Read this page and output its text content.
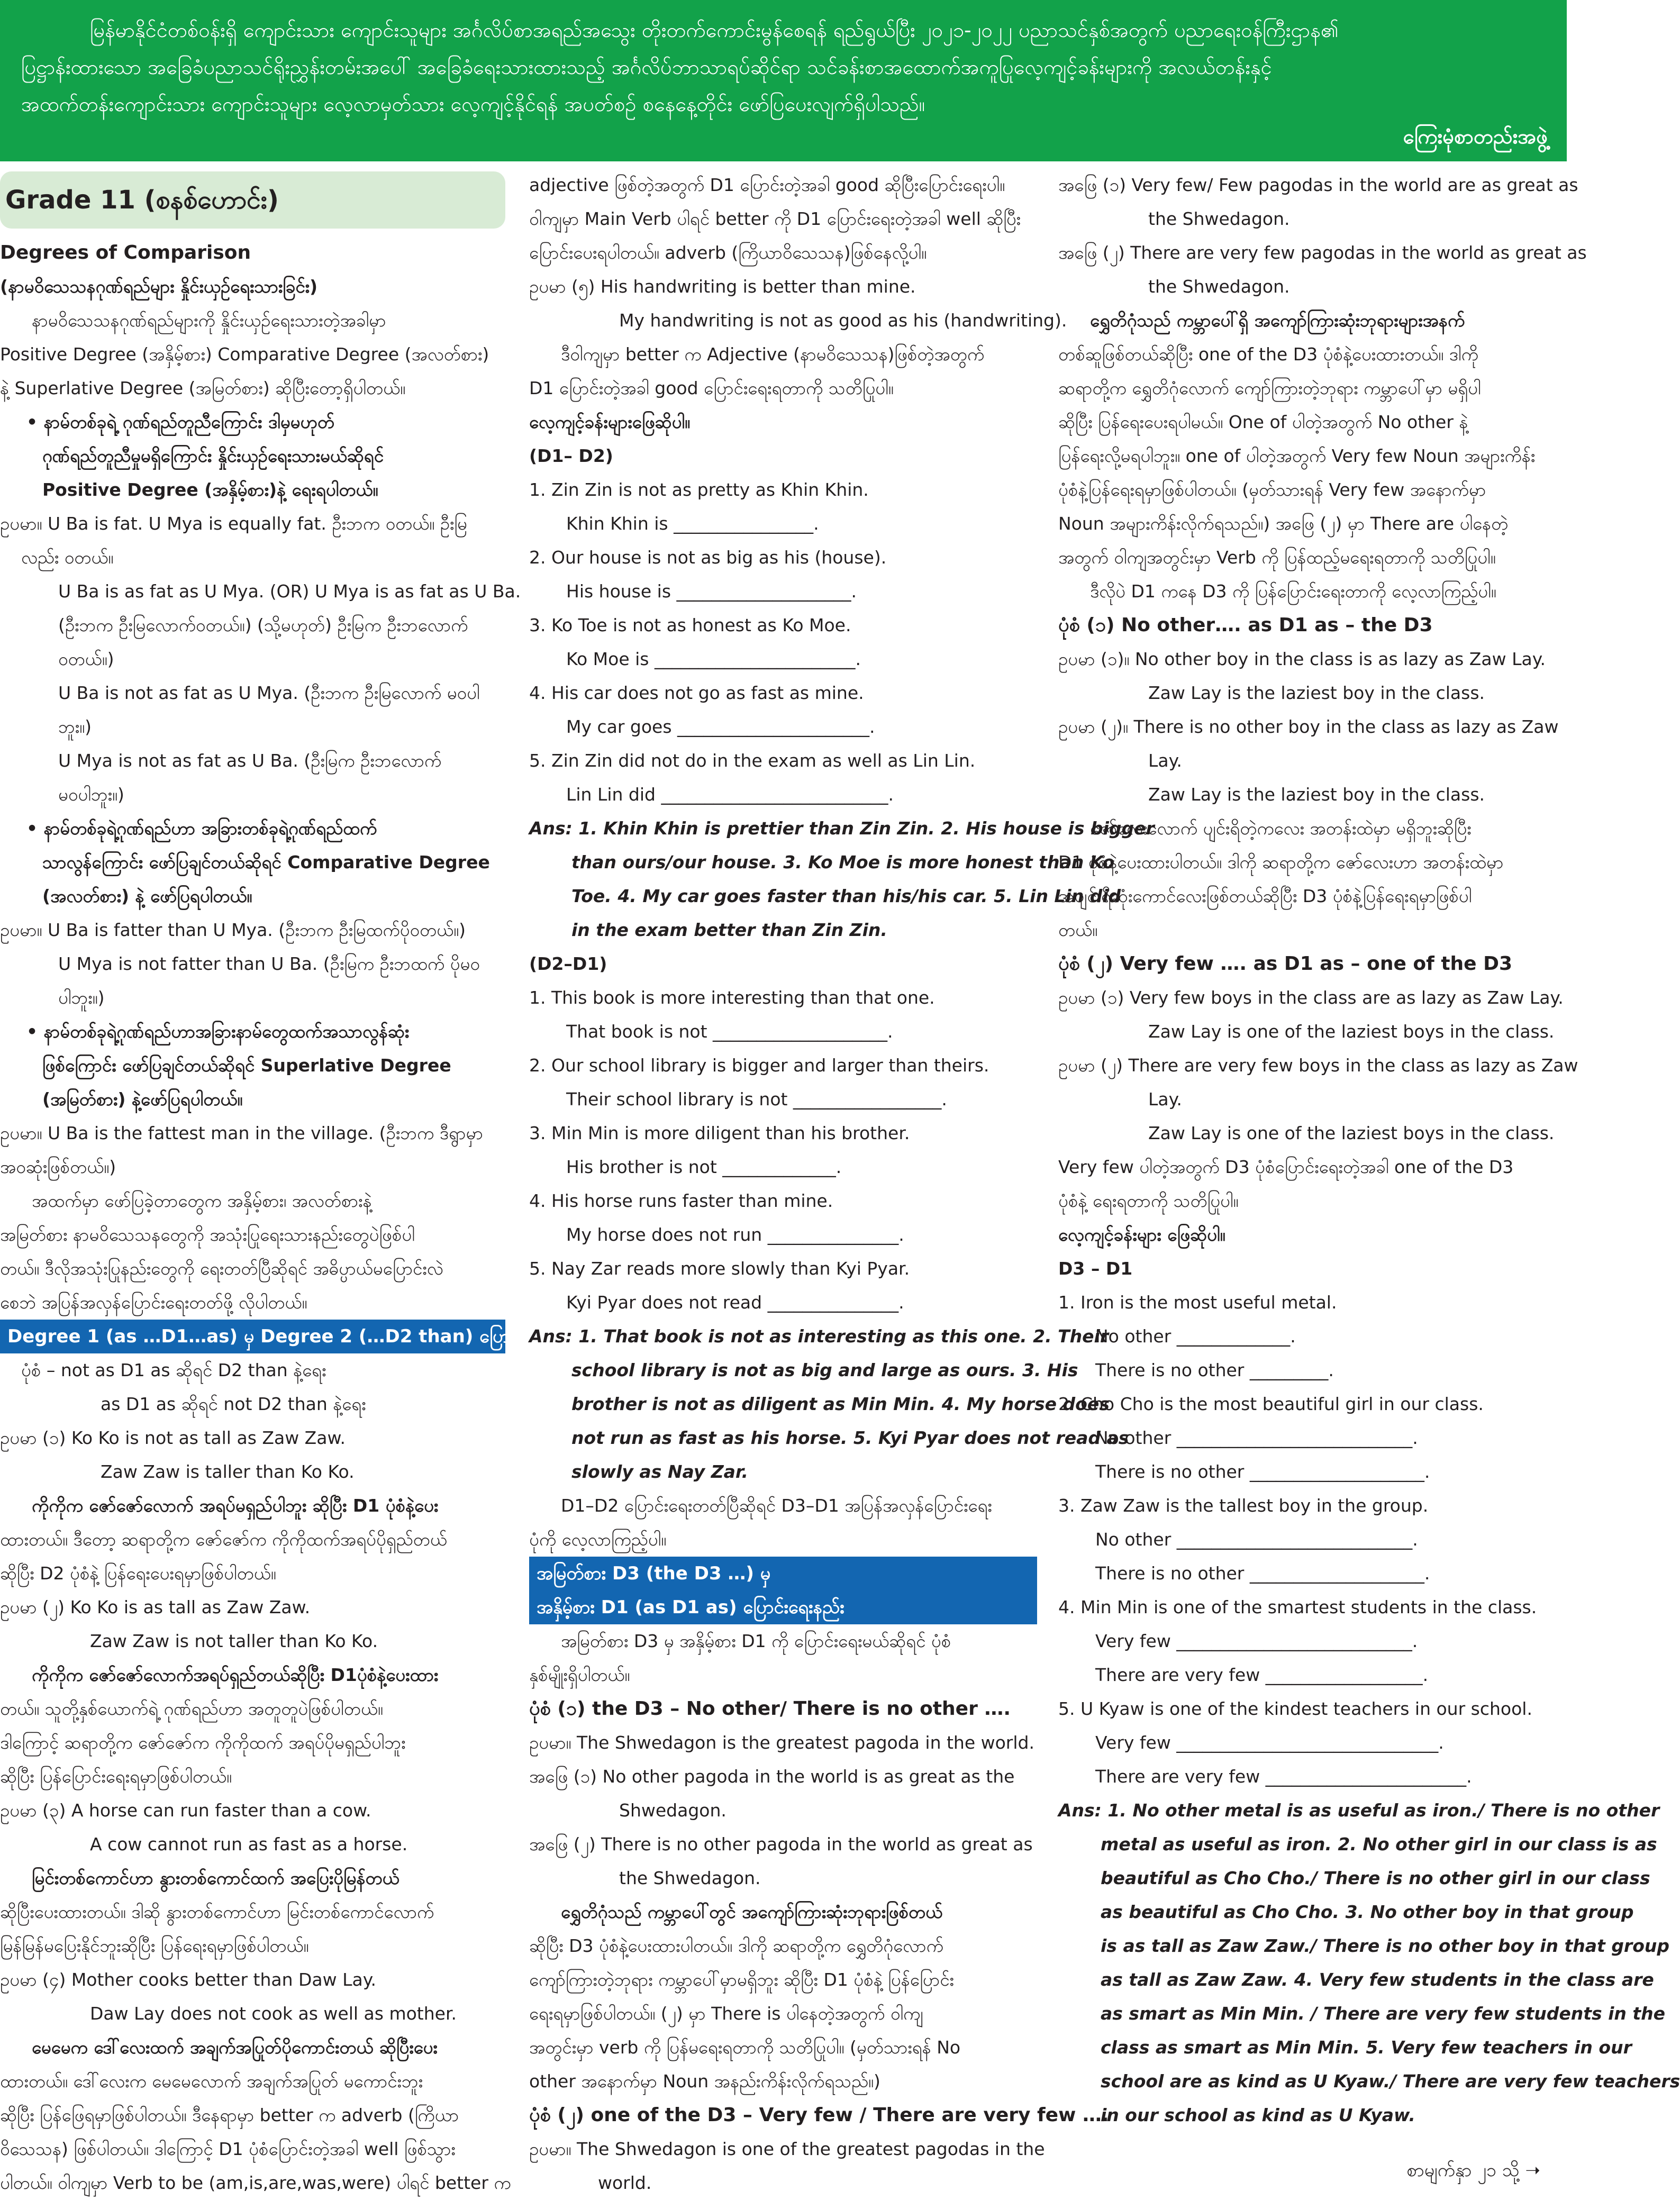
မြန်မာနိုင်ငံတစ်ဝန်းရှိ ကျောင်းသား ကျောင်းသူများ အင်္ဂလိပ်စာအရည်အသွေး တိုးတက်ကောင်းမွန်စေရန် ရည်ရွယ်ပြီး ၂၀၂၁-၂၀၂၂ ပညာသင်နှစ်အတွက် ပညာရေးဝန်ကြီးဌာန၏
ပြဋ္ဌာန်းထားသော အခြေခံပညာသင်ရိုးညွှန်းတမ်းအပေါ် အခြေခံရေးသားထားသည့် အင်္ဂလိပ်ဘာသာရပ်ဆိုင်ရာ သင်ခန်းစာအထောက်အကူပြုလေ့ကျင့်ခန်းများကို အလယ်တန်းနှင့်
အထက်တန်းကျောင်းသား ကျောင်းသူများ လေ့လာမှတ်သား လေ့ကျင့်နိုင်ရန် အပတ်စဉ် စနေနေ့တိုင်း ဖော်ပြပေးလျက်ရှိပါသည်။
ကြေးမုံစာတည်းအဖွဲ့
Grade 11 (စနစ်ဟောင်း)
Degrees of Comparison
(နာမဝိသေသနဂုဏ်ရည်များ နှိုင်းယှဉ်ရေးသားခြင်း)
နာမဝိသေသနဂုဏ်ရည်များကို နှိုင်းယှဉ်ရေးသားတဲ့အခါမှာ
Positive Degree (အနှိမ့်စား) Comparative Degree (အလတ်စား)
နဲ့ Superlative Degree (အမြတ်စား) ဆိုပြီးတော့ရှိပါတယ်။
• နာမ်တစ်ခုရဲ့ ဂုဏ်ရည်တူညီကြောင်း ဒါမှမဟုတ်
ဂုဏ်ရည်တူညီမှုမရှိကြောင်း နှိုင်းယှဉ်ရေးသားမယ်ဆိုရင်
Positive Degree (အနှိမ့်စား)နဲ့ ရေးရပါတယ်။
ဥပမာ။ U Ba is fat. U Mya is equally fat. ဦးဘက ဝတယ်။ ဦးမြ
လည်း ဝတယ်။
U Ba is as fat as U Mya. (OR) U Mya is as fat as U Ba.
(ဦးဘက ဦးမြလောက်ဝတယ်။) (သို့မဟုတ်) ဦးမြက ဦးဘလောက်
ဝတယ်။)
U Ba is not as fat as U Mya. (ဦးဘက ဦးမြလောက် မဝပါ
ဘူး။)
U Mya is not as fat as U Ba. (ဦးမြက ဦးဘလောက်
မဝပါဘူး။)
• နာမ်တစ်ခုရဲ့ဂုဏ်ရည်ဟာ အခြားတစ်ခုရဲ့ဂုဏ်ရည်ထက်
သာလွန်ကြောင်း ဖော်ပြချင်တယ်ဆိုရင် Comparative Degree
(အလတ်စား) နဲ့ ဖော်ပြရပါတယ်။
ဥပမာ။ U Ba is fatter than U Mya. (ဦးဘက ဦးမြထက်ပိုဝတယ်။)
U Mya is not fatter than U Ba. (ဦးမြက ဦးဘထက် ပိုမဝ
ပါဘူး။)
• နာမ်တစ်ခုရဲ့ဂုဏ်ရည်ဟာအခြားနာမ်တွေထက်အသာလွန်ဆုံး
ဖြစ်ကြောင်း ဖော်ပြချင်တယ်ဆိုရင် Superlative Degree
(အမြတ်စား) နဲ့ဖော်ပြရပါတယ်။
ဥပမာ။ U Ba is the fattest man in the village. (ဦးဘက ဒီရွာမှာ
အဝဆုံးဖြစ်တယ်။)
အထက်မှာ ဖော်ပြခဲ့တာတွေက အနှိမ့်စား၊ အလတ်စားနဲ့
အမြတ်စား နာမဝိသေသနတွေကို အသုံးပြုရေးသားနည်းတွေပဲဖြစ်ပါ
တယ်။ ဒီလိုအသုံးပြုနည်းတွေကို ရေးတတ်ပြီဆိုရင် အဓိပ္ပာယ်မပြောင်းလဲ
စေဘဲ အပြန်အလှန်ပြောင်းရေးတတ်ဖို့ လိုပါတယ်။
Degree 1 (as …D1…as) မှ Degree 2 (…D2 than) ပြောင်းရေးနည်း
ပုံစံ – not as D1 as ဆိုရင် D2 than နဲ့ရေး
as D1 as ဆိုရင် not D2 than နဲ့ရေး
ဥပမာ (၁) Ko Ko is not as tall as Zaw Zaw.
Zaw Zaw is taller than Ko Ko.
ကိုကိုက ဇော်ဇော်လောက် အရပ်မရှည်ပါဘူး ဆိုပြီး D1 ပုံစံနဲ့ပေး
ထားတယ်။ ဒီတော့ ဆရာတို့က ဇော်ဇော်က ကိုကိုထက်အရပ်ပိုရှည်တယ်
ဆိုပြီး D2 ပုံစံနဲ့ ပြန်ရေးပေးရမှာဖြစ်ပါတယ်။
ဥပမာ (၂) Ko Ko is as tall as Zaw Zaw.
Zaw Zaw is not taller than Ko Ko.
ကိုကိုက ဇော်ဇော်လောက်အရပ်ရှည်တယ်ဆိုပြီး D1ပုံစံနဲ့ပေးထား
တယ်။ သူတို့နှစ်ယောက်ရဲ့ ဂုဏ်ရည်ဟာ အတူတူပဲဖြစ်ပါတယ်။
ဒါကြောင့် ဆရာတို့က ဇော်ဇော်က ကိုကိုထက် အရပ်ပိုမရှည်ပါဘူး
ဆိုပြီး ပြန်ပြောင်းရေးရမှာဖြစ်ပါတယ်။
ဥပမာ (၃) A horse can run faster than a cow.
A cow cannot run as fast as a horse.
မြင်းတစ်ကောင်ဟာ နွားတစ်ကောင်ထက် အပြေးပိုမြန်တယ်
ဆိုပြီးပေးထားတယ်။ ဒါဆို နွားတစ်ကောင်ဟာ မြင်းတစ်ကောင်လောက်
မြန်မြန်မပြေးနိုင်ဘူးဆိုပြီး ပြန်ရေးရမှာဖြစ်ပါတယ်။
ဥပမာ (၄) Mother cooks better than Daw Lay.
Daw Lay does not cook as well as mother.
မေမေက ဒေါ်လေးထက် အချက်အပြုတ်ပိုကောင်းတယ် ဆိုပြီးပေး
ထားတယ်။ ဒေါ်လေးက မေမေလောက် အချက်အပြုတ် မကောင်းဘူး
ဆိုပြီး ပြန်ဖြေရမှာဖြစ်ပါတယ်။ ဒီနေရာမှာ better က adverb (ကြိယာ
ဝိသေသန) ဖြစ်ပါတယ်။ ဒါကြောင့် D1 ပုံစံပြောင်းတဲ့အခါ well ဖြစ်သွား
ပါတယ်။ ဝါကျမှာ Verb to be (am,is,are,was,were) ပါရင် better က
adjective ဖြစ်တဲ့အတွက် D1 ပြောင်းတဲ့အခါ good ဆိုပြီးပြောင်းရေးပါ။
ဝါကျမှာ Main Verb ပါရင် better ကို D1 ပြောင်းရေးတဲ့အခါ well ဆိုပြီး
ပြောင်းပေးရပါတယ်။ adverb (ကြိယာဝိသေသန)ဖြစ်နေလို့ပါ။
ဥပမာ (၅) His handwriting is better than mine.
My handwriting is not as good as his (handwriting).
ဒီဝါကျမှာ better က Adjective (နာမဝိသေသန)ဖြစ်တဲ့အတွက်
D1 ပြောင်းတဲ့အခါ good ပြောင်းရေးရတာကို သတိပြုပါ။
လေ့ကျင့်ခန်းများဖြေဆိုပါ။
(D1– D2)
1. Zin Zin is not as pretty as Khin Khin.
Khin Khin is ________________.
2. Our house is not as big as his (house).
His house is ____________________.
3. Ko Toe is not as honest as Ko Moe.
Ko Moe is _______________________.
4. His car does not go as fast as mine.
My car goes ______________________.
5. Zin Zin did not do in the exam as well as Lin Lin.
Lin Lin did __________________________.
Ans: 1. Khin Khin is prettier than Zin Zin. 2. His house is bigger
than ours/our house. 3. Ko Moe is more honest than Ko
Toe. 4. My car goes faster than his/his car. 5. Lin Lin did
in the exam better than Zin Zin.
(D2–D1)
1. This book is more interesting than that one.
That book is not ____________________.
2. Our school library is bigger and larger than theirs.
Their school library is not _________________.
3. Min Min is more diligent than his brother.
His brother is not _____________.
4. His horse runs faster than mine.
My horse does not run _______________.
5. Nay Zar reads more slowly than Kyi Pyar.
Kyi Pyar does not read _______________.
Ans: 1. That book is not as interesting as this one. 2. Their
school library is not as big and large as ours. 3. His
brother is not as diligent as Min Min. 4. My horse does
not run as fast as his horse. 5. Kyi Pyar does not read as
slowly as Nay Zar.
D1–D2 ပြောင်းရေးတတ်ပြီဆိုရင် D3–D1 အပြန်အလှန်ပြောင်းရေး
ပုံကို လေ့လာကြည့်ပါ။
အမြတ်စား D3 (the D3 …) မှ
အနှိမ့်စား D1 (as D1 as) ပြောင်းရေးနည်း
အမြတ်စား D3 မှ အနှိမ့်စား D1 ကို ပြောင်းရေးမယ်ဆိုရင် ပုံစံ
နှစ်မျိုးရှိပါတယ်။
ပုံစံ (၁) the D3 – No other/ There is no other ….
ဥပမာ။ The Shwedagon is the greatest pagoda in the world.
အဖြေ (၁) No other pagoda in the world is as great as the
Shwedagon.
အဖြေ (၂) There is no other pagoda in the world as great as
the Shwedagon.
ရွှေတိဂုံသည် ကမ္ဘာပေါ်တွင် အကျော်ကြားဆုံးဘုရားဖြစ်တယ်
ဆိုပြီး D3 ပုံစံနဲ့ပေးထားပါတယ်။ ဒါကို ဆရာတို့က ရွှေတိဂုံလောက်
ကျော်ကြားတဲ့ဘုရား ကမ္ဘာပေါ်မှာမရှိဘူး ဆိုပြီး D1 ပုံစံနဲ့ ပြန်ပြောင်း
ရေးရမှာဖြစ်ပါတယ်။ (၂) မှာ There is ပါနေတဲ့အတွက် ဝါကျ
အတွင်းမှာ verb ကို ပြန်မရေးရတာကို သတိပြုပါ။ (မှတ်သားရန် No
other အနောက်မှာ Noun အနည်းကိန်းလိုက်ရသည်။)
ပုံစံ (၂) one of the D3 – Very few / There are very few ….
ဥပမာ။ The Shwedagon is one of the greatest pagodas in the
world.
အဖြေ (၁) Very few/ Few pagodas in the world are as great as
the Shwedagon.
အဖြေ (၂) There are very few pagodas in the world as great as
the Shwedagon.
ရွှေတိဂုံသည် ကမ္ဘာပေါ်ရှိ အကျော်ကြားဆုံးဘုရားများအနက်
တစ်ဆူဖြစ်တယ်ဆိုပြီး one of the D3 ပုံစံနဲ့ပေးထားတယ်။ ဒါကို
ဆရာတို့က ရွှေတိဂုံလောက် ကျော်ကြားတဲ့ဘုရား ကမ္ဘာပေါ်မှာ မရှိပါ
ဆိုပြီး ပြန်ရေးပေးရပါမယ်။ One of ပါတဲ့အတွက် No other နဲ့
ပြန်ရေးလို့မရပါဘူး။ one of ပါတဲ့အတွက် Very few Noun အများကိန်း
ပုံစံနဲ့ပြန်ရေးရမှာဖြစ်ပါတယ်။ (မှတ်သားရန် Very few အနောက်မှာ
Noun အများကိန်းလိုက်ရသည်။) အဖြေ (၂) မှာ There are ပါနေတဲ့
အတွက် ဝါကျအတွင်းမှာ Verb ကို ပြန်ထည့်မရေးရတာကို သတိပြုပါ။
ဒီလိုပဲ D1 ကနေ D3 ကို ပြန်ပြောင်းရေးတာကို လေ့လာကြည့်ပါ။
ပုံစံ (၁) No other…. as D1 as – the D3
ဥပမာ (၁)။ No other boy in the class is as lazy as Zaw Lay.
Zaw Lay is the laziest boy in the class.
ဥပမာ (၂)။ There is no other boy in the class as lazy as Zaw
Lay.
Zaw Lay is the laziest boy in the class.
ဇော်လေးလောက် ပျင်းရိတဲ့ကလေး အတန်းထဲမှာ မရှိဘူးဆိုပြီး
D1 ပုံစံနဲ့ပေးထားပါတယ်။ ဒါကို ဆရာတို့က ဇော်လေးဟာ အတန်းထဲမှာ
အပျင်းရိဆုံးကောင်လေးဖြစ်တယ်ဆိုပြီး D3 ပုံစံနဲ့ပြန်ရေးရမှာဖြစ်ပါ
တယ်။
ပုံစံ (၂) Very few …. as D1 as – one of the D3
ဥပမာ (၁) Very few boys in the class are as lazy as Zaw Lay.
Zaw Lay is one of the laziest boys in the class.
ဥပမာ (၂) There are very few boys in the class as lazy as Zaw
Lay.
Zaw Lay is one of the laziest boys in the class.
Very few ပါတဲ့အတွက် D3 ပုံစံပြောင်းရေးတဲ့အခါ one of the D3
ပုံစံနဲ့ ရေးရတာကို သတိပြုပါ။
လေ့ကျင့်ခန်းများ ဖြေဆိုပါ။
D3 – D1
1. Iron is the most useful metal.
No other _____________.
There is no other _________.
2. Cho Cho is the most beautiful girl in our class.
No other ___________________________.
There is no other ____________________.
3. Zaw Zaw is the tallest boy in the group.
No other ___________________________.
There is no other ____________________.
4. Min Min is one of the smartest students in the class.
Very few ___________________________.
There are very few __________________.
5. U Kyaw is one of the kindest teachers in our school.
Very few ______________________________.
There are very few _______________________.
Ans: 1. No other metal is as useful as iron./ There is no other
metal as useful as iron. 2. No other girl in our class is as
beautiful as Cho Cho./ There is no other girl in our class
as beautiful as Cho Cho. 3. No other boy in that group
is as tall as Zaw Zaw./ There is no other boy in that group
as tall as Zaw Zaw. 4. Very few students in the class are
as smart as Min Min. / There are very few students in the
class as smart as Min Min. 5. Very few teachers in our
school are as kind as U Kyaw./ There are very few teachers
in our school as kind as U Kyaw.
စာမျက်နှာ ၂၁ သို့ ➝
